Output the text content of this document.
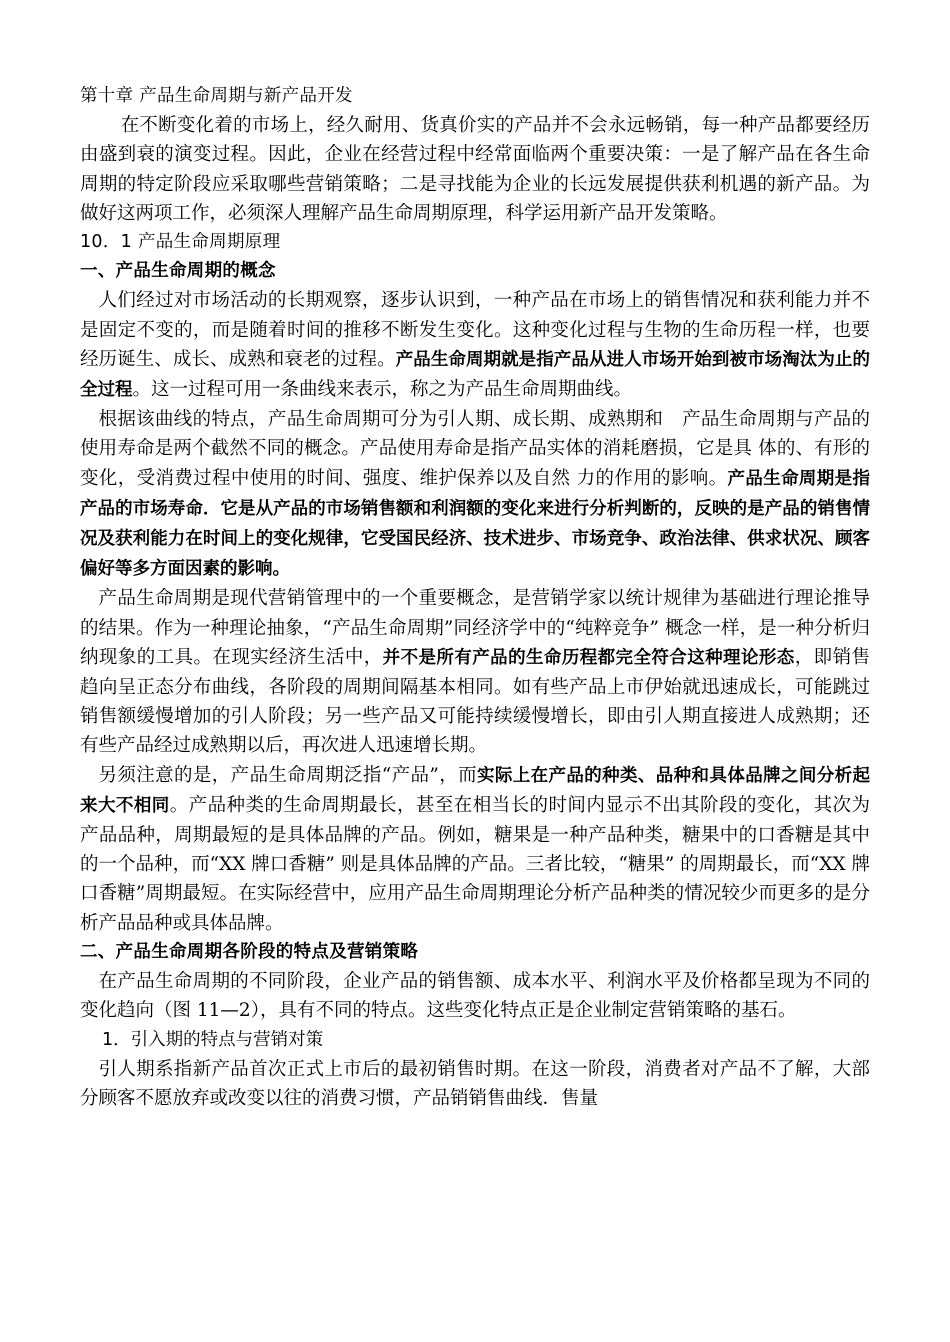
第十章 产品生命周期与新产品开发

在不断变化着的市场上，经久耐用、货真价实的产品并不会永远畅销，每一种产品都要经历由盛到衰的演变过程。因此，企业在经营过程中经常面临两个重要决策：一是了解产品在各生命周期的特定阶段应采取哪些营销策略；二是寻找能为企业的长远发展提供获利机遇的新产品。为做好这两项工作，必须深人理解产品生命周期原理，科学运用新产品开发策略。

10．1 产品生命周期原理

一、产品生命周期的概念

人们经过对市场活动的长期观察，逐步认识到，一种产品在市场上的销售情况和获利能力并不是固定不变的，而是随着时间的推移不断发生变化。这种变化过程与生物的生命历程一样，也要经历诞生、成长、成熟和衰老的过程。产品生命周期就是指产品从进人市场开始到被市场淘汰为止的全过程。这一过程可用一条曲线来表示，称之为产品生命周期曲线。

根据该曲线的特点，产品生命周期可分为引人期、成长期、成熟期和　产品生命周期与产品的使用寿命是两个截然不同的概念。产品使用寿命是指产品实体的消耗磨损，它是具 体的、有形的变化，受消费过程中使用的时间、强度、维护保养以及自然 力的作用的影响。产品生命周期是指产品的市场寿命．它是从产品的市场销售额和利润额的变化来进行分析判断的，反映的是产品的销售情况及获利能力在时间上的变化规律，它受国民经济、技术进步、市场竞争、政治法律、供求状况、顾客偏好等多方面因素的影响。

产品生命周期是现代营销管理中的一个重要概念，是营销学家以统计规律为基础进行理论推导的结果。作为一种理论抽象，“产品生命周期”同经济学中的“纯粹竞争” 概念一样，是一种分析归纳现象的工具。在现实经济生活中，并不是所有产品的生命历程都完全符合这种理论形态，即销售趋向呈正态分布曲线，各阶段的周期间隔基本相同。如有些产品上市伊始就迅速成长，可能跳过销售额缓慢增加的引人阶段；另一些产品又可能持续缓慢增长，即由引人期直接进人成熟期；还有些产品经过成熟期以后，再次进人迅速增长期。

另须注意的是，产品生命周期泛指“产品”，而实际上在产品的种类、品种和具体品牌之间分析起来大不相同。产品种类的生命周期最长，甚至在相当长的时间内显示不出其阶段的变化，其次为产品品种，周期最短的是具体品牌的产品。例如，糖果是一种产品种类，糖果中的口香糖是其中的一个品种，而“XX 牌口香糖” 则是具体品牌的产品。三者比较，“糖果” 的周期最长，而“XX 牌口香糖”周期最短。在实际经营中，应用产品生命周期理论分析产品种类的情况较少而更多的是分析产品品种或具体品牌。

二、产品生命周期各阶段的特点及营销策略

在产品生命周期的不同阶段，企业产品的销售额、成本水平、利润水平及价格都呈现为不同的变化趋向（图 11—2），具有不同的特点。这些变化特点正是企业制定营销策略的基石。

1．引入期的特点与营销对策

引人期系指新产品首次正式上市后的最初销售时期。在这一阶段，消费者对产品不了解，大部分顾客不愿放弃或改变以往的消费习惯，产品销销售曲线．售量
